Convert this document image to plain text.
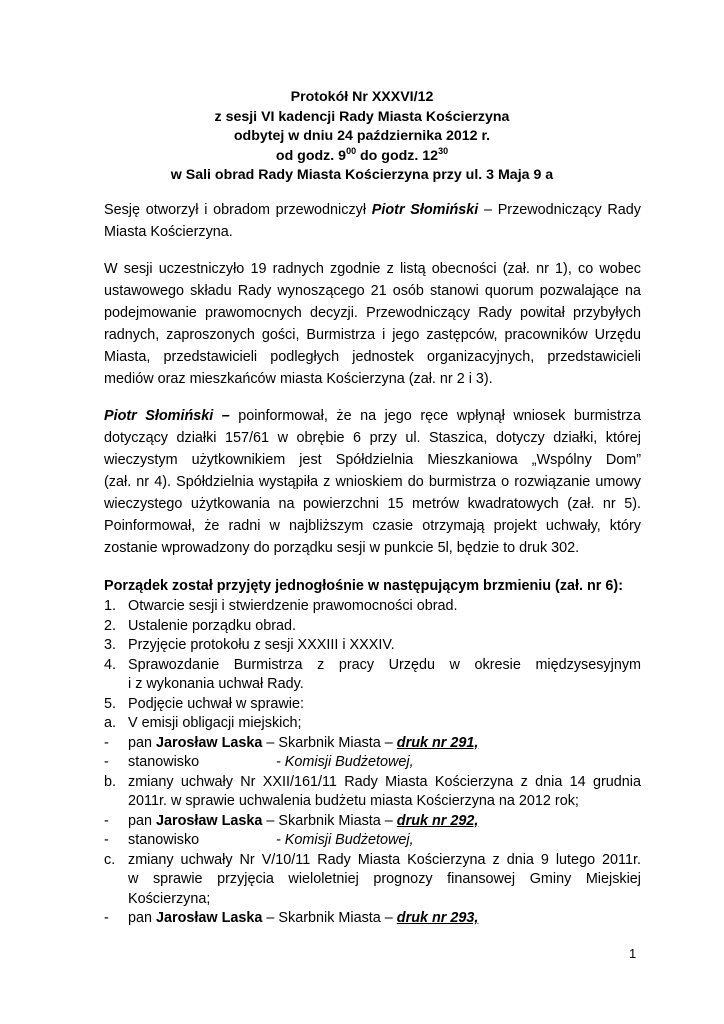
Protokół Nr XXXVI/12
z sesji VI kadencji Rady Miasta Kościerzyna
odbytej w dniu 24 października 2012 r.
od godz. $9^{00}$ do godz. $12^{30}$
w Sali obrad Rady Miasta Kościerzyna przy ul. 3 Maja 9 a
Sesję otworzył i obradom przewodniczył Piotr Słomiński – Przewodniczący Rady
Miasta Kościerzyna.
W sesji uczestniczyło 19 radnych zgodnie z listą obecności (zał. nr 1), co wobec
ustawowego składu Rady wynoszącego 21 osób stanowi quorum pozwalające na
podejmowanie prawomocnych decyzji. Przewodniczący Rady powitał przybyłych
radnych, zaproszonych gości, Burmistrza i jego zastępców, pracowników Urzędu
Miasta, przedstawicieli podległych jednostek organizacyjnych, przedstawicieli
mediów oraz mieszkańców miasta Kościerzyna (zał. nr 2 i 3).
Piotr Słomiński – poinformował, że na jego ręce wpłynął wniosek burmistrza
dotyczący działki 157/61 w obrębie 6 przy ul. Staszica, dotyczy działki, której
wieczystym użytkownikiem jest Spółdzielnia Mieszkaniowa „Wspólny Dom”
(zał. nr 4). Spółdzielnia wystąpiła z wnioskiem do burmistrza o rozwiązanie umowy
wieczystego użytkowania na powierzchni 15 metrów kwadratowych (zał. nr 5).
Poinformował, że radni w najbliższym czasie otrzymają projekt uchwały, który
zostanie wprowadzony do porządku sesji w punkcie 5l, będzie to druk 302.
Porządek został przyjęty jednogłośnie w następującym brzmieniu (zał. nr 6):
1. Otwarcie sesji i stwierdzenie prawomocności obrad.
2. Ustalenie porządku obrad.
3. Przyjęcie protokołu z sesji XXXIII i XXXIV.
4. Sprawozdanie Burmistrza z pracy Urzędu w okresie międzysesyjnym
i z wykonania uchwał Rady.
5. Podjęcie uchwał w sprawie:
a. V emisji obligacji miejskich;
- pan Jarosław Laska – Skarbnik Miasta – druk nr 291,
- stanowisko	- Komisji Budżetowej,
b. zmiany uchwały Nr XXII/161/11 Rady Miasta Kościerzyna z dnia 14 grudnia
2011r. w sprawie uchwalenia budżetu miasta Kościerzyna na 2012 rok;
- pan Jarosław Laska – Skarbnik Miasta – druk nr 292,
- stanowisko	- Komisji Budżetowej,
c. zmiany uchwały Nr V/10/11 Rady Miasta Kościerzyna z dnia 9 lutego 2011r.
w sprawie przyjęcia wieloletniej prognozy finansowej Gminy Miejskiej
Kościerzyna;
- pan Jarosław Laska – Skarbnik Miasta – druk nr 293,
1
